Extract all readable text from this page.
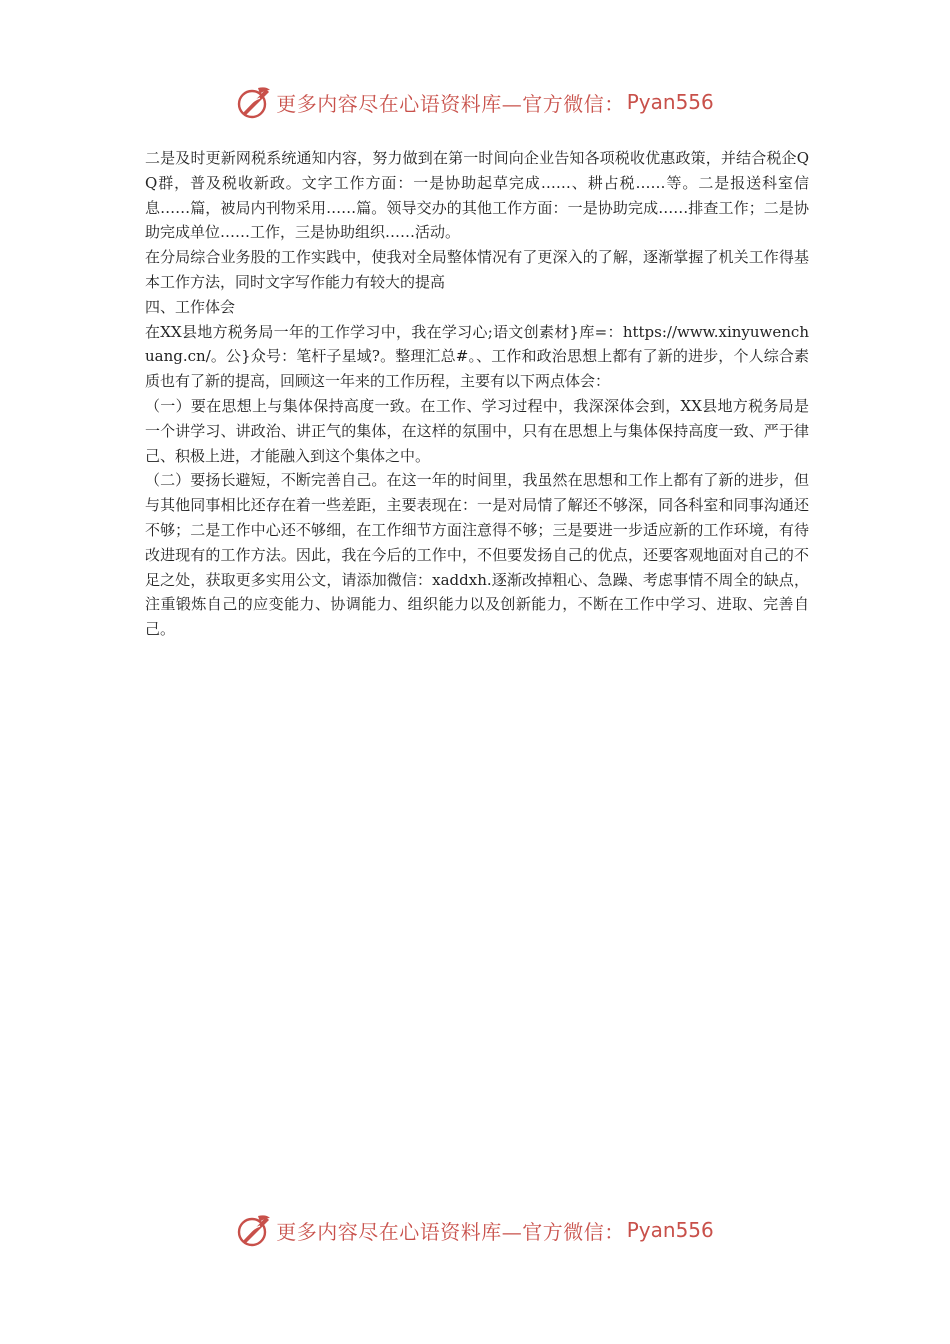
更多内容尽在心语资料库—官方微信： Pyan556

二是及时更新网税系统通知内容，努力做到在第一时间向企业告知各项税收优惠政策，并结合税企QQ群，普及税收新政。文字工作方面：一是协助起草完成……、耕占税……等。二是报送科室信息……篇，被局内刊物采用……篇。领导交办的其他工作方面：一是协助完成……排查工作；二是协助完成单位……工作，三是协助组织……活动。

在分局综合业务股的工作实践中，使我对全局整体情况有了更深入的了解，逐渐掌握了机关工作得基本工作方法，同时文字写作能力有较大的提高

四、工作体会

在XX县地方税务局一年的工作学习中，我在学习心;语文创素材}库=：https://www.xinyuwenchuang.cn/。公}众号：笔杆子星域?。整理汇总#。、工作和政治思想上都有了新的进步，个人综合素质也有了新的提高，回顾这一年来的工作历程，主要有以下两点体会：

（一）要在思想上与集体保持高度一致。在工作、学习过程中，我深深体会到，XX县地方税务局是一个讲学习、讲政治、讲正气的集体，在这样的氛围中，只有在思想上与集体保持高度一致、严于律己、积极上进，才能融入到这个集体之中。

（二）要扬长避短，不断完善自己。在这一年的时间里，我虽然在思想和工作上都有了新的进步，但与其他同事相比还存在着一些差距，主要表现在：一是对局情了解还不够深，同各科室和同事沟通还不够；二是工作中心还不够细，在工作细节方面注意得不够；三是要进一步适应新的工作环境，有待改进现有的工作方法。因此，我在今后的工作中，不但要发扬自己的优点，还要客观地面对自己的不足之处，获取更多实用公文，请添加微信：xaddxh.逐渐改掉粗心、急躁、考虑事情不周全的缺点，注重锻炼自己的应变能力、协调能力、组织能力以及创新能力，不断在工作中学习、进取、完善自己。

更多内容尽在心语资料库—官方微信： Pyan556
